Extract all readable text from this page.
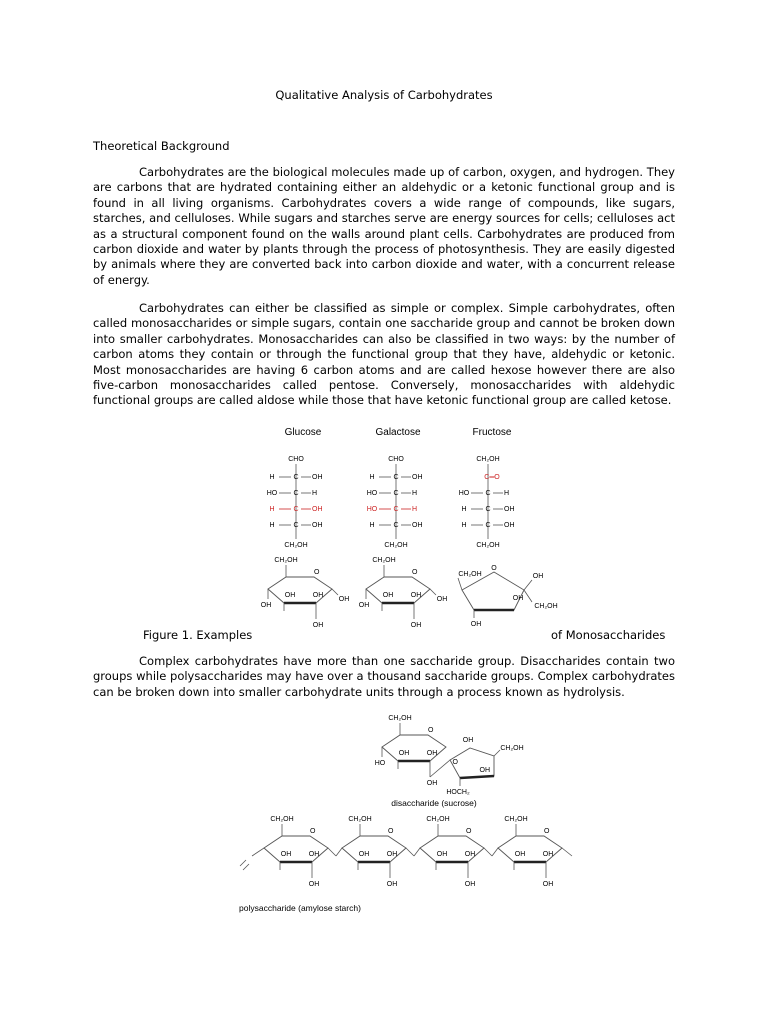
Qualitative Analysis of Carbohydrates
Theoretical Background

Carbohydrates are the biological molecules made up of carbon, oxygen, and hydrogen. They are carbons that are hydrated containing either an aldehydic or a ketonic functional group and is found in all living organisms. Carbohydrates covers a wide range of compounds, like sugars, starches, and celluloses. While sugars and starches serve are energy sources for cells; celluloses act as a structural component found on the walls around plant cells. Carbohydrates are produced from carbon dioxide and water by plants through the process of photosynthesis. They are easily digested by animals where they are converted back into carbon dioxide and water, with a concurrent release of energy.

Carbohydrates can either be classified as simple or complex. Simple carbohydrates, often called monosaccharides or simple sugars, contain one saccharide group and cannot be broken down into smaller carbohydrates. Monosaccharides can also be classified in two ways: by the number of carbon atoms they contain or through the functional group that they have, aldehydic or ketonic. Most monosaccharides are having 6 carbon atoms and are called hexose however there are also five-carbon monosaccharides called pentose. Conversely, monosaccharides with aldehydic functional groups are called aldose while those that have ketonic functional group are called ketose.

Glucose	Galactose	Fructose
CHO
H	C OH
HO C H
H	C OH
H	C OH
CH₂OH
CHO
H	C OH
HO C H
HO C H
H	C OH
CH₂OH
CH₂OH
C═O
HO C H
H	C OH
H	C OH
CH₂OH
O
CH₂OH
OH
OH	OH
OH
OH
O
CH₂OH
OH
OH	OH
OH
OH
O
CH₂OH	OH
CH₂OH
OH
OH
Figure 1. Examples	of Monosaccharides

Complex carbohydrates have more than one saccharide group. Disaccharides contain two groups while polysaccharides may have over a thousand saccharide groups. Complex carbohydrates can be broken down into smaller carbohydrate units through a process known as hydrolysis.

O
CH₂OH
HO
OH	OH
OH
O
CH₂OH
OH
OH
HOCH₂
disaccharide (sucrose)
O
CH₂OH
OH	OH
OH
O
CH₂OH
OH	OH
OH
O
CH₂OH
OH	OH
OH
O
CH₂OH
OH	OH
OH
polysaccharide (amylose starch)
